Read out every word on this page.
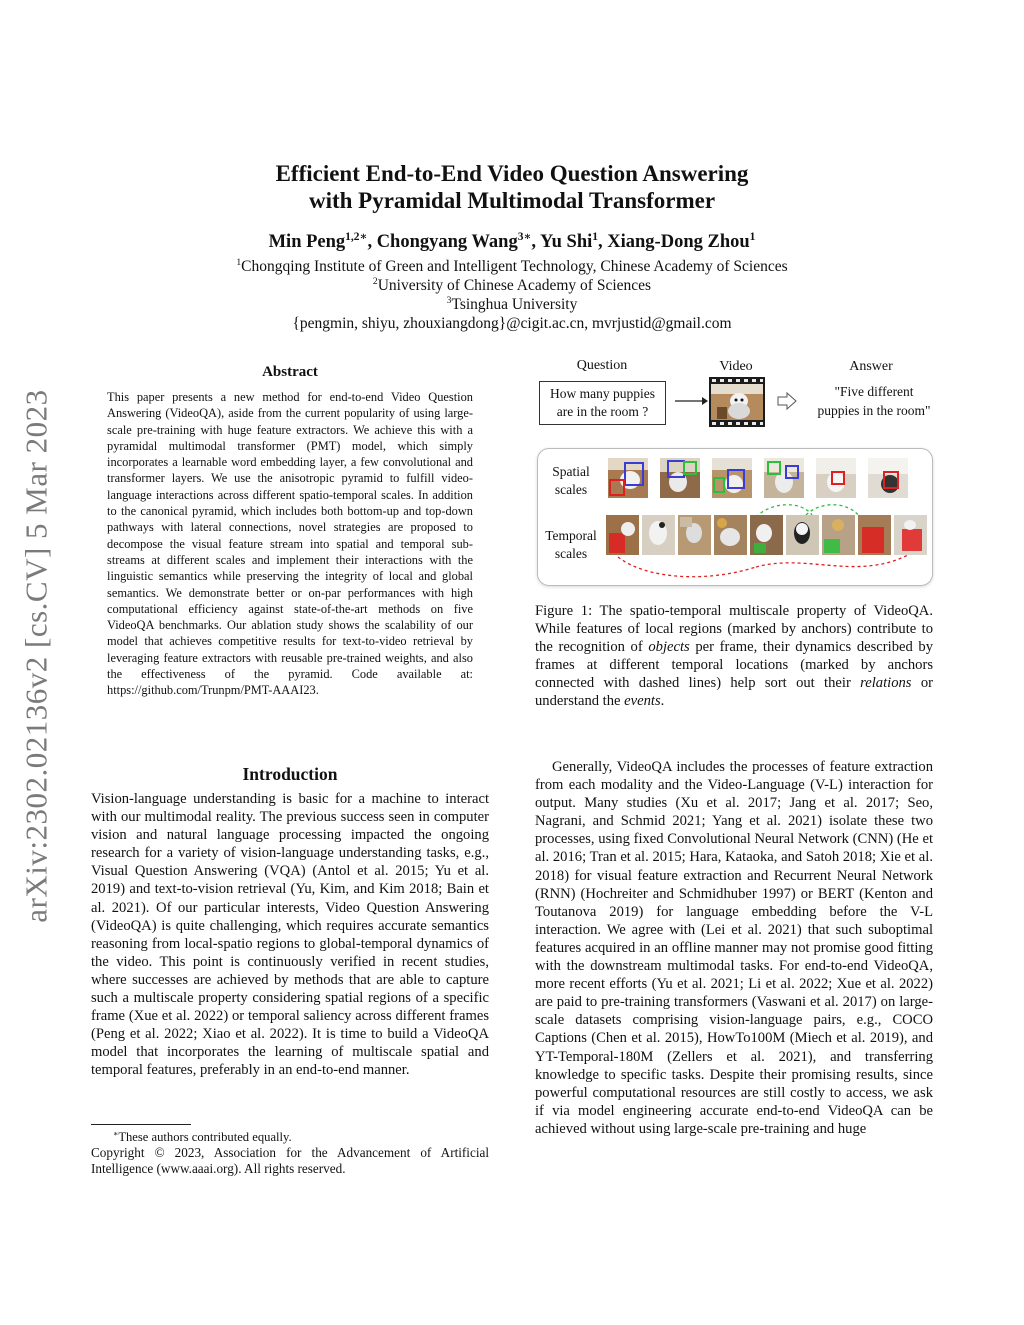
arXiv:2302.02136v2 [cs.CV] 5 Mar 2023
Efficient End-to-End Video Question Answering
with Pyramidal Multimodal Transformer
Min Peng$^{1,2∗}$, Chongyang Wang$^{3∗}$, Yu Shi$^1$, Xiang-Dong Zhou$^1$
$^1$Chongqing Institute of Green and Intelligent Technology, Chinese Academy of Sciences
$^2$University of Chinese Academy of Sciences
$^3$Tsinghua University
{pengmin, shiyu, zhouxiangdong}@cigit.ac.cn, mvrjustid@gmail.com
Abstract
This paper presents a new method for end-to-end Video Question Answering (VideoQA), aside from the current popularity of using large-scale pre-training with huge feature extractors. We achieve this with a pyramidal multimodal transformer (PMT) model, which simply incorporates a learnable word embedding layer, a few convolutional and transformer layers. We use the anisotropic pyramid to fulfill video-language interactions across different spatio-temporal scales. In addition to the canonical pyramid, which includes both bottom-up and top-down pathways with lateral connections, novel strategies are proposed to decompose the visual feature stream into spatial and temporal sub-streams at different scales and implement their interactions with the linguistic semantics while preserving the integrity of local and global semantics. We demonstrate better or on-par performances with high computational efficiency against state-of-the-art methods on five VideoQA benchmarks. Our ablation study shows the scalability of our model that achieves competitive results for text-to-video retrieval by leveraging feature extractors with reusable pre-trained weights, and also the effectiveness of the pyramid. Code available at: https://github.com/Trunpm/PMT-AAAI23.
Introduction

Vision-language understanding is basic for a machine to interact with our multimodal reality. The previous success seen in computer vision and natural language processing impacted the ongoing research for a variety of vision-language understanding tasks, e.g., Visual Question Answering (VQA) (Antol et al. 2015; Yu et al. 2019) and text-to-vision retrieval (Yu, Kim, and Kim 2018; Bain et al. 2021). Of our particular interests, Video Question Answering (VideoQA) is quite challenging, which requires accurate semantics reasoning from local-spatio regions to global-temporal dynamics of the video. This point is continuously verified in recent studies, where successes are achieved by methods that are able to capture such a multiscale property considering spatial regions of a specific frame (Xue et al. 2022) or temporal saliency across different frames (Peng et al. 2022; Xiao et al. 2022). It is time to build a VideoQA model that incorporates the learning of multiscale spatial and temporal features, preferably in an end-to-end manner.

∗These authors contributed equally.
Copyright © 2023, Association for the Advancement of Artificial Intelligence (www.aaai.org). All rights reserved.
Question	Video	Answer
How many puppies
are in the room ?
"Five different
puppies in the room"
Spatial
scales
Temporal
scales
Figure 1: The spatio-temporal multiscale property of VideoQA. While features of local regions (marked by anchors) contribute to the recognition of objects per frame, their dynamics described by frames at different temporal locations (marked by anchors connected with dashed lines) help sort out their relations or understand the events.

Generally, VideoQA includes the processes of feature extraction from each modality and the Video-Language (V-L) interaction for output. Many studies (Xu et al. 2017; Jang et al. 2017; Seo, Nagrani, and Schmid 2021; Yang et al. 2021) isolate these two processes, using fixed Convolutional Neural Network (CNN) (He et al. 2016; Tran et al. 2015; Hara, Kataoka, and Satoh 2018; Xie et al. 2018) for visual feature extraction and Recurrent Neural Network (RNN) (Hochreiter and Schmidhuber 1997) or BERT (Kenton and Toutanova 2019) for language embedding before the V-L interaction. We agree with (Lei et al. 2021) that such suboptimal features acquired in an offline manner may not promise good fitting with the downstream multimodal tasks. For end-to-end VideoQA, more recent efforts (Yu et al. 2021; Li et al. 2022; Xue et al. 2022) are paid to pre-training transformers (Vaswani et al. 2017) on large-scale datasets comprising vision-language pairs, e.g., COCO Captions (Chen et al. 2015), HowTo100M (Miech et al. 2019), and YT-Temporal-180M (Zellers et al. 2021), and transferring knowledge to specific tasks. Despite their promising results, since powerful computational resources are still costly to access, we ask if via model engineering accurate end-to-end VideoQA can be achieved without using large-scale pre-training and huge
